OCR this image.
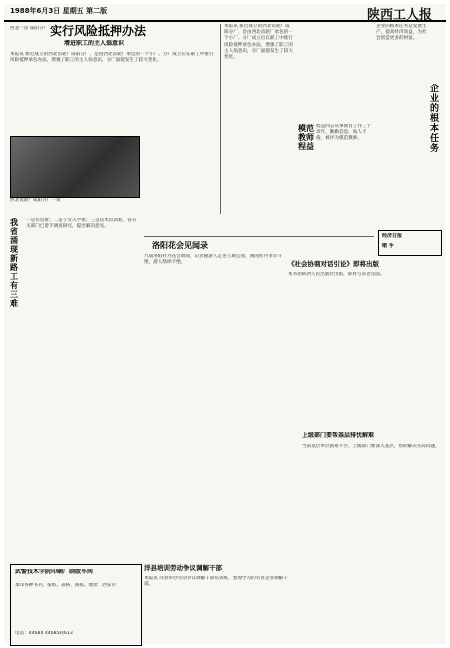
1988年6月3日 星期五 第二版	陕西工人报
西北一齿 咸阳分厂 实行风险抵押办法
增进职工的主人翁意识
本报讯 新近成立的西北齿轮厂咸阳分厂，是由西北齿轮厂承包的一个小厂。分厂成立后在职工中推行风险抵押承包办法，增强了职工的主人翁意识，分厂面貌发生了较大变化。
西北齿轮厂咸阳分厂一角
本报讯 新近成立的西北齿轮厂咸阳分厂，是由西北齿轮厂承包的一个小厂。分厂成立后在职工中推行风险抵押承包办法，增强了职工的主人翁意识，分厂面貌发生了较大变化。
模范教师程益
程益同志从事教育工作三十余年，勤勤恳恳，诲人不倦，被评为模范教师。
企业的根本任务是发展生产，提高经济效益，为社会创造更多的财富。
企业的根本任务
经济日报
缩 手
我省涌现新路工有三难
一是住房难；二是子女入学难；三是技术培训难。省有关部门已着手调查研究，提出解决意见。
洛阳花会见闻录
九届洛阳牡丹花会期间，记者随游人走进王城公园，满园牡丹争奇斗艳，游人络绎不绝。	《社会协商对话引论》即将出版
本书由陕西人民出版社出版，即将与读者见面。
武警技术学院印刷厂制版车间
承印各种书刊、报纸、表格、商标。地址：西安市
电话：44684 44685转613
洋县培训劳动争议调解干部
本报讯 洋县举办劳动争议调解干部培训班，参加学习的有各企业调解干部。
上级部门要帮基层排忧解难
当前基层单位困难不少，上级部门要深入基层，帮助解决实际问题。
